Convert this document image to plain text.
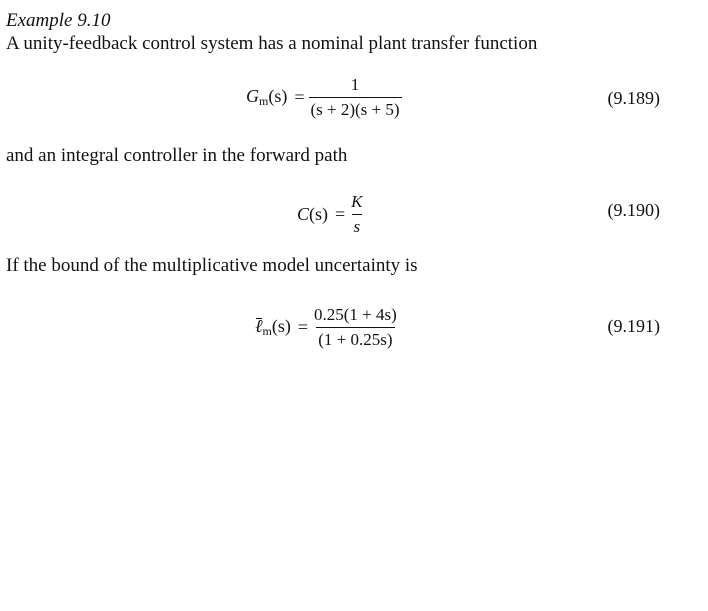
Example 9.10
A unity-feedback control system has a nominal plant transfer function
$G_m(s) = \frac{1}{(s + 2)(s + 5)}$	(9.189)
and an integral controller in the forward path
$C(s) = \frac{K}{s}$	(9.190)
If the bound of the multiplicative model uncertainty is
ℓ$_m$(s) = $\frac{0.25(1 + 4s)}{(1 + 0.25s)}$	(9.191)
